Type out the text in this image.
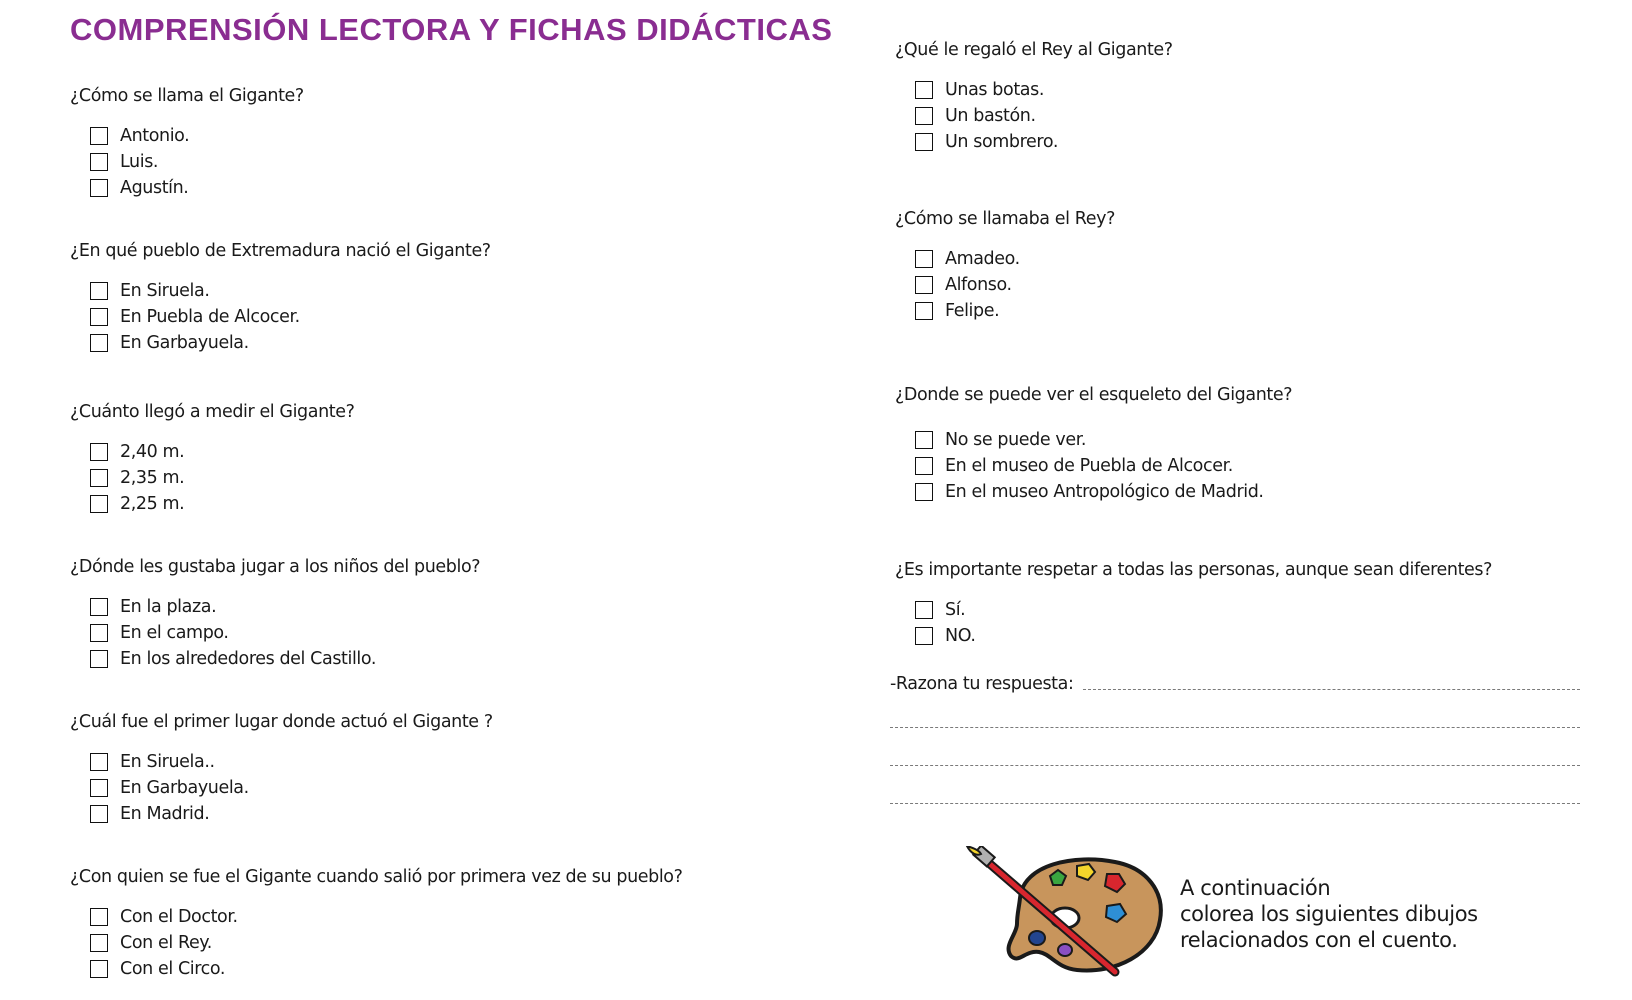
COMPRENSIÓN LECTORA Y FICHAS DIDÁCTICAS
¿Cómo se llama el Gigante?
Antonio.
Luis.
Agustín.
¿En qué pueblo de Extremadura nació el Gigante?
En Siruela.
En Puebla de Alcocer.
En Garbayuela.
¿Cuánto llegó a medir el Gigante?
2,40 m.
2,35 m.
2,25 m.
¿Dónde les gustaba jugar a los niños del pueblo?
En la plaza.
En el campo.
En los alrededores del Castillo.
¿Cuál fue el primer lugar donde actuó el Gigante ?
En Siruela..
En Garbayuela.
En Madrid.
¿Con quien se fue el Gigante cuando salió por primera vez de su pueblo?
Con el Doctor.
Con el Rey.
Con el Circo.
¿Qué le regaló el Rey al Gigante?
Unas botas.
Un bastón.
Un sombrero.
¿Cómo se llamaba el Rey?
Amadeo.
Alfonso.
Felipe.
¿Donde se puede ver el esqueleto del Gigante?
No se puede ver.
En el museo de Puebla de Alcocer.
En el museo Antropológico de Madrid.
¿Es importante respetar a todas las personas, aunque sean diferentes?
Sí.
NO.
-Razona tu respuesta:
A continuación
colorea los siguientes dibujos
relacionados con el cuento.
